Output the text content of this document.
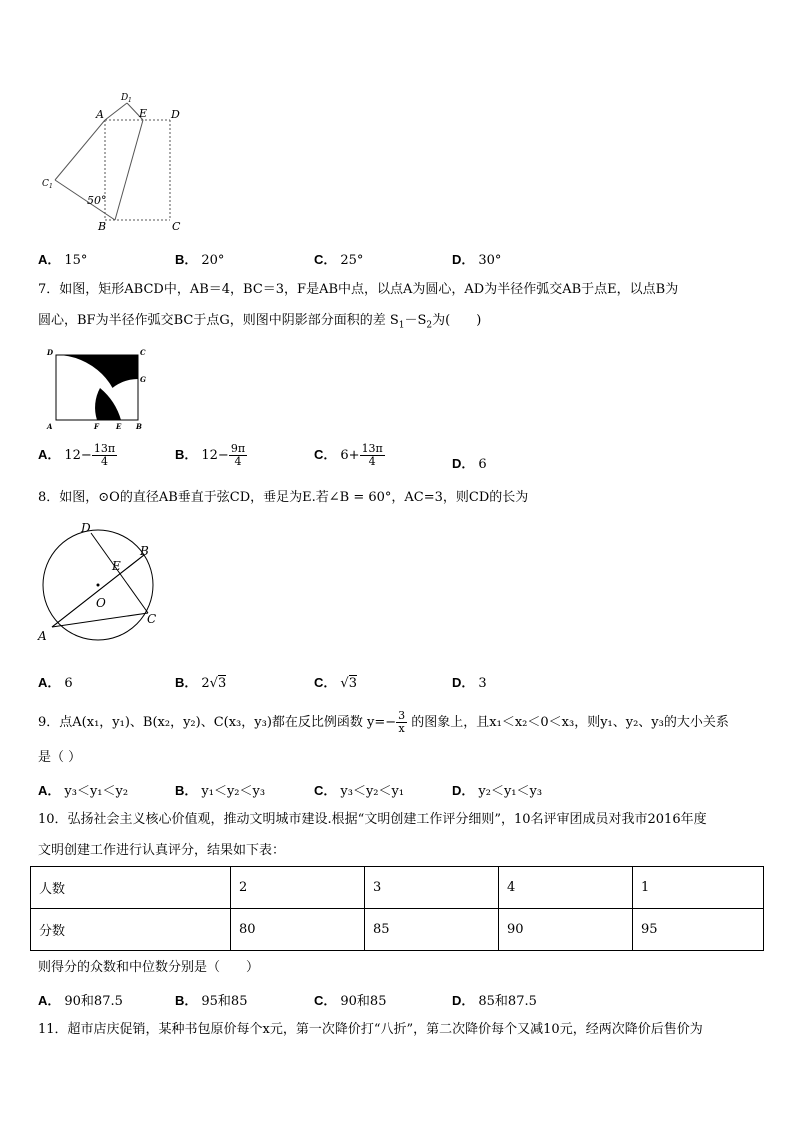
A
D 1
E D
C 1
50°
B	C
A． 15°	B． 20°	C． 25°	D． 30°
7．如图，矩形ABCD中，AB＝4，BC＝3，F是AB中点，以点A为圆心，AD为半径作弧交AB于点E，以点B为
圆心，BF为半径作弧交BC于点G，则图中阴影部分面积的差 $S_1-S_2$为(　　)
D	C
G
A	F E B
A． $12- \frac{13\pi}{4}$	B． $12- \frac{9\pi}{4}$	C． $6+ \frac{13\pi}{4}$	D． 6
8．如图，⊙O的直径AB垂直于弦CD，垂足为E.若∠B = 60°，AC=3，则CD的长为
D
B
E
O
A
C
A． 6	B． 2√3	C． √3	D． 3
9．点A(x₁，y₁)、B(x₂，y₂)、C(x₃，y₃)都在反比例函数 $y=- \frac{3}{x}$ 的图象上，且x₁＜x₂＜0＜x₃，则y₁、y₂、y₃的大小关系
是（ ）
A． y₃＜y₁＜y₂	B． y₁＜y₂＜y₃	C． y₃＜y₂＜y₁	D． y₂＜y₁＜y₃
10．弘扬社会主义核心价值观，推动文明城市建设.根据“文明创建工作评分细则”，10名评审团成员对我市2016年度
文明创建工作进行认真评分，结果如下表：
人数	2	3	4	1
分数	80	85	90	95
则得分的众数和中位数分别是（　　）
A． 90和87.5	B． 95和85	C． 90和85	D． 85和87.5
11．超市店庆促销，某种书包原价每个x元，第一次降价打“八折”，第二次降价每个又减10元，经两次降价后售价为
